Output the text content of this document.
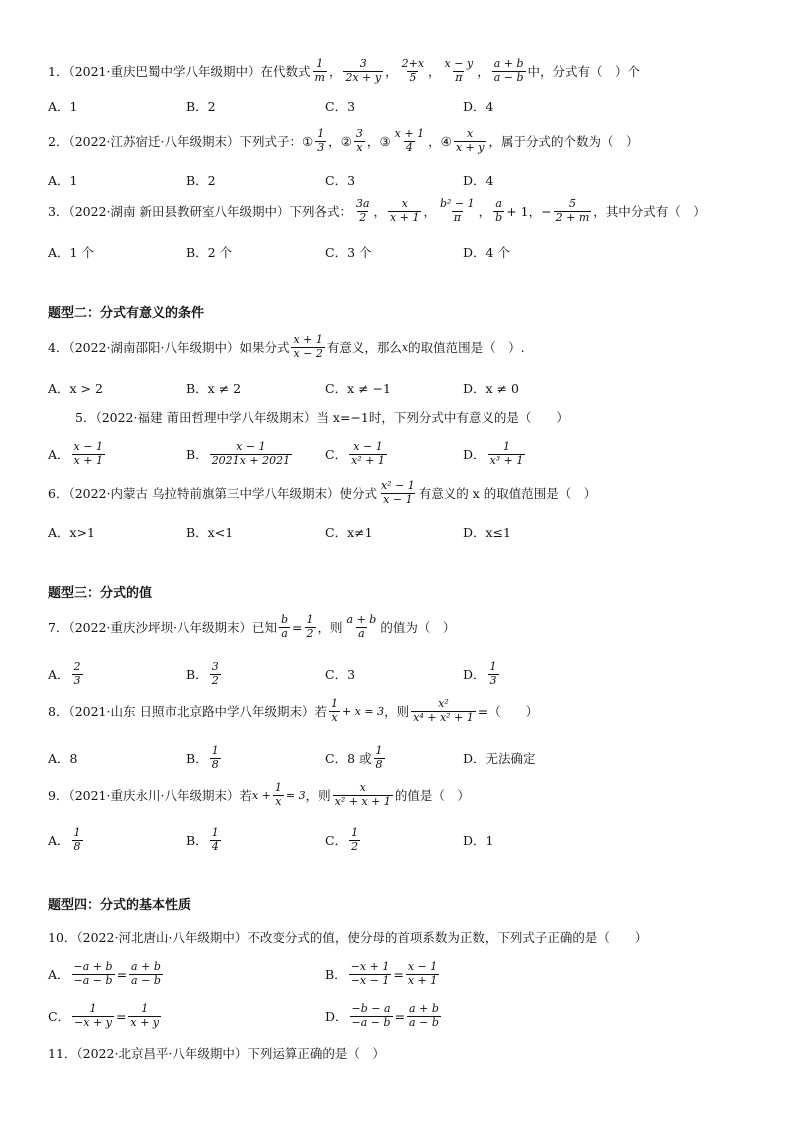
1．（2021·重庆巴蜀中学八年级期中）在代数式 $\frac{1}{m}$ ， $\frac{3}{2x + y}$ ， $\frac{2+x}{5}$ ， $\frac{x - y}{\pi}$ ， $\frac{a + b}{a - b}$ 中，分式有（　）个
A．1	B．2	C．3	D．4
2．（2022·江苏宿迁·八年级期末）下列式子： ① $\frac{1}{3}$ ， ② $\frac{3}{x}$ ， ③ $\frac{x + 1}{4}$ ， ④ $\frac{x}{x + y}$ ，属于分式的个数为（　）
A．1	B．2	C．3	D．4
3．（2022·湖南 新田县教研室八年级期中）下列各式： $\frac{3a}{2}$ ， $\frac{x}{x + 1}$ ， $\frac{\text{b² − 1}}{\pi}$ ， $\frac{a}{b} + 1$ ， − $\frac{5}{2 + m}$ ，其中分式有（　）
A．1 个	B．2 个	C．3 个	D．4 个
题型二：分式有意义的条件
4．（2022·湖南邵阳·八年级期中）如果分式 $\frac{x + 1}{x - 2}$ 有意义，那么 x 的取值范围是（　）.
A．x > 2	B．x ≠ 2	C．x ≠ −1	D．x ≠ 0
5．（2022·福建 莆田哲理中学八年级期末）当 x=−1时，下列分式中有意义的是（　　）
A． $\frac{x - 1}{x + 1}$	B． $\frac{x - 1}{2021x + 2021}$	C． $\frac{x - 1}{\text{x² + 1}}$	D． $\frac{1}{\text{x³ + 1}}$
6．（2022·内蒙古 乌拉特前旗第三中学八年级期末）使分式 $\frac{\text{x² − 1}}{x - 1}$ 有意义的 x 的取值范围是（　）
A．x>1	B．x<1	C．x≠1	D．x≤1
题型三：分式的值
7．（2022·重庆沙坪坝·八年级期末）已知 $\frac{b}{a} = \frac{1}{2}$ ，则 $\frac{a + b}{a}$ 的值为（　）
A． $\frac{2}{3}$	B． $\frac{3}{2}$	C． 3	D． $\frac{1}{3}$
8．（2021·山东 日照市北京路中学八年级期末）若 $\frac{1}{x} + x = 3$ ，则 $\frac{\text{x²}}{\text{x⁴ + x² + 1}}$ =（　　）
A． 8	B． $\frac{1}{8}$	C． 8 或 $\frac{1}{8}$	D． 无法确定
9．（2021·重庆永川·八年级期末）若 $x + \frac{1}{x} = 3$ ，则 $\frac{x}{\text{x² + x + 1}}$ 的值是（　）
A． $\frac{1}{8}$	B． $\frac{1}{4}$	C． $\frac{1}{2}$	D． 1
题型四：分式的基本性质
10．（2022·河北唐山·八年级期中）不改变分式的值，使分母的首项系数为正数，下列式子正确的是（　　）
A． $\frac{-a + b}{-a - b} = \frac{a + b}{a - b}$	B． $\frac{-x + 1}{-x - 1} = \frac{x - 1}{x + 1}$
C． $\frac{1}{-x + y} = \frac{1}{x + y}$	D． $\frac{-b - a}{-a - b} = \frac{a + b}{a - b}$
11．（2022·北京昌平·八年级期中）下列运算正确的是（　）
